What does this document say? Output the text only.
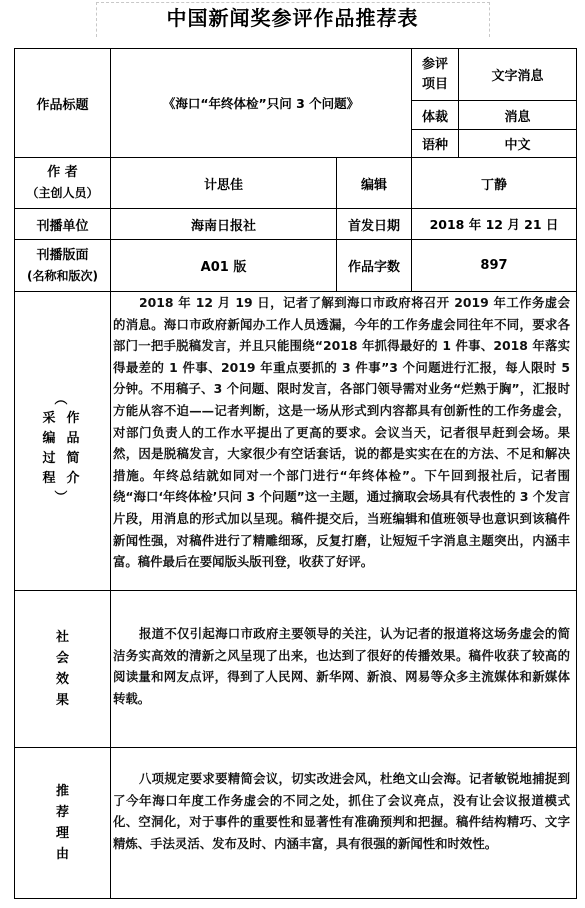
中国新闻奖参评作品推荐表
作品标题	《海口“年终体检”只问 3 个问题》
参评项目	文字消息
体裁	消息
语种	中文
作 者
（主创人员）
计思佳	编辑	丁静
刊播单位	海南日报社	首发日期 2018 年 12 月 21 日
刊播版面
(名称和版次)
A01 版	作品字数	897
（
采编过程
作品简介
）
2018 年 12 月 19 日，记者了解到海口市政府将召开 2019 年工作务虚会的消息。海口市政府新闻办工作人员透漏，今年的工作务虚会同往年不同，要求各部门一把手脱稿发言，并且只能围绕“2018 年抓得最好的 1 件事、2018 年落实得最差的 1 件事、2019 年重点要抓的 3 件事”3 个问题进行汇报，每人限时 5 分钟。不用稿子、3 个问题、限时发言，各部门领导需对业务“烂熟于胸”，汇报时方能从容不迫——记者判断，这是一场从形式到内容都具有创新性的工作务虚会，对部门负责人的工作水平提出了更高的要求。会议当天，记者很早赶到会场。果然，因是脱稿发言，大家很少有空话套话，说的都是实实在在的方法、不足和解决措施。年终总结就如同对一个部门进行“年终体检”。下午回到报社后，记者围绕“海口‘年终体检’只问 3 个问题”这一主题，通过摘取会场具有代表性的 3 个发言片段，用消息的形式加以呈现。稿件提交后，当班编辑和值班领导也意识到该稿件新闻性强，对稿件进行了精雕细琢，反复打磨，让短短千字消息主题突出，内涵丰富。稿件最后在要闻版头版刊登，收获了好评。
社会效果
报道不仅引起海口市政府主要领导的关注，认为记者的报道将这场务虚会的简洁务实高效的清新之风呈现了出来，也达到了很好的传播效果。稿件收获了较高的阅读量和网友点评，得到了人民网、新华网、新浪、网易等众多主流媒体和新媒体转载。
推荐理由
八项规定要求要精简会议，切实改进会风，杜绝文山会海。记者敏锐地捕捉到了今年海口年度工作务虚会的不同之处，抓住了会议亮点，没有让会议报道模式化、空洞化，对于事件的重要性和显著性有准确预判和把握。稿件结构精巧、文字精炼、手法灵活、发布及时、内涵丰富，具有很强的新闻性和时效性。
